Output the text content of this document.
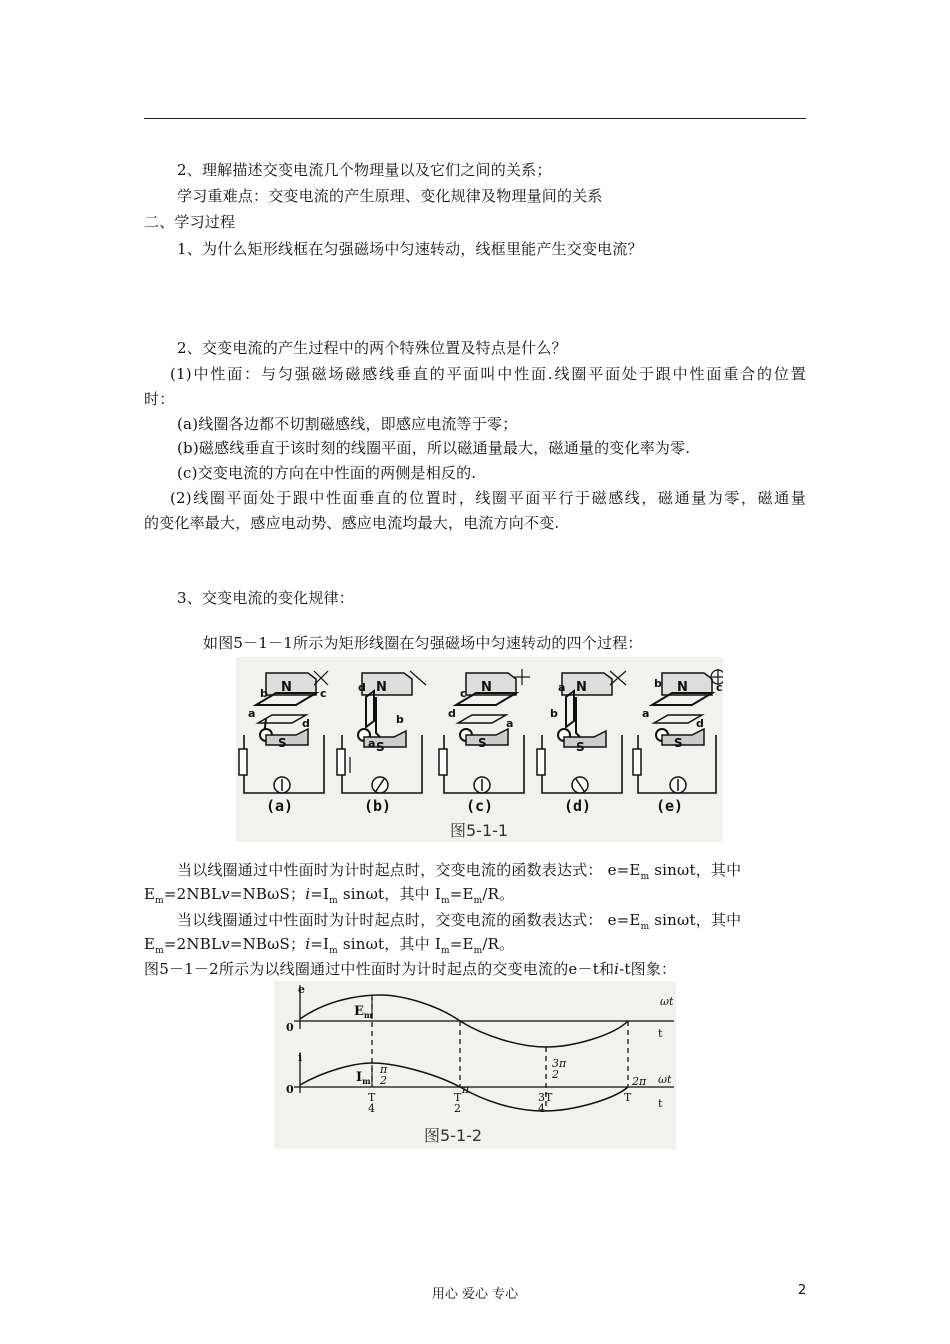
2、理解描述交变电流几个物理量以及它们之间的关系；
学习重难点：交变电流的产生原理、变化规律及物理量间的关系
二、学习过程
1、为什么矩形线框在匀强磁场中匀速转动，线框里能产生交变电流？
2、交变电流的产生过程中的两个特殊位置及特点是什么？
(1)中性面：与匀强磁场磁感线垂直的平面叫中性面.线圈平面处于跟中性面重合的位置
时：
(a)线圈各边都不切割磁感线，即感应电流等于零；
(b)磁感线垂直于该时刻的线圈平面，所以磁通量最大，磁通量的变化率为零.
(c)交变电流的方向在中性面的两侧是相反的.
(2)线圈平面处于跟中性面垂直的位置时，线圈平面平行于磁感线，磁通量为零，磁通量
的变化率最大，感应电动势、感应电流均最大，电流方向不变.
3、交变电流的变化规律：
如图5－1－1所示为矩形线圈在匀强磁场中匀速转动的四个过程：
N
S
a
b	c
d
N
S
d
b
a
N
S
d
c
a
N
S
a
b
N
S
b	c
a
d
(a)	(b)	(c)	(d)	(e)
图5-1-1
当以线圈通过中性面时为计时起点时，交变电流的函数表达式： $e=E_m$ sinωt，其中
$E_m=2NBLv=NB\omega S$；$i=I_m$ sinωt，其中 $I_m=E_m/R$。
当以线圈通过中性面时为计时起点时，交变电流的函数表达式： $e=E_m$ sinωt，其中
$E_m=2NBLv=NB\omega S$；$i=I_m$ sinωt，其中 $I_m=E_m/R$。
图5－1－2所示为以线圈通过中性面时为计时起点的交变电流的e－t和i-t图象：
e
0
i
0
$E_m$
$I_m$
ωt
t
ωt
t
π 2
π
3π 2
2π
T 4
T 2
3T 4
T
图5-1-2
用心 爱心 专心	2
